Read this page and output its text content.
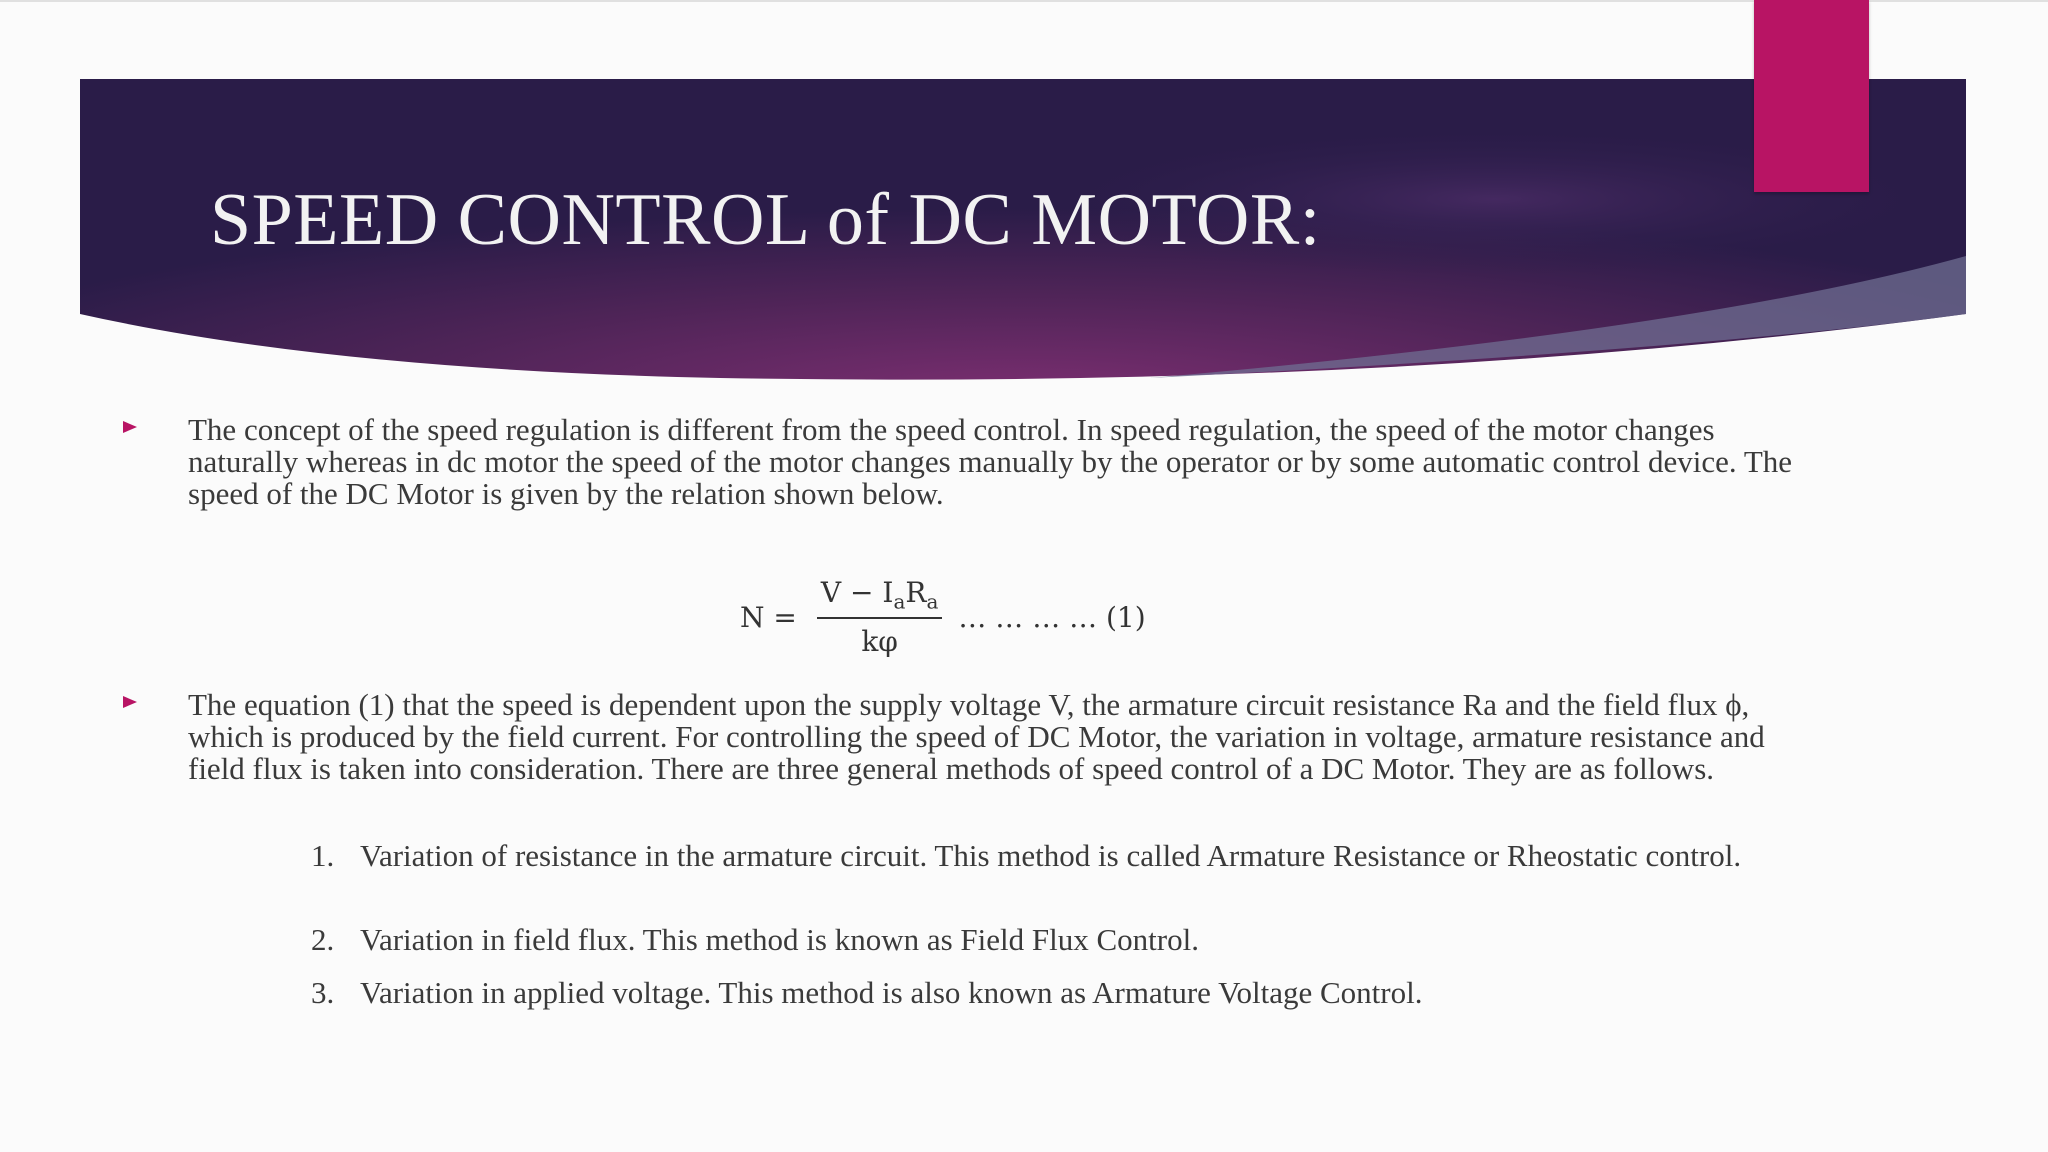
SPEED CONTROL of DC MOTOR:
The concept of the speed regulation is different from the speed control. In speed regulation, the speed of the motor changes naturally whereas in dc motor the speed of the motor changes manually by the operator or by some automatic control device. The speed of the DC Motor is given by the relation shown below.
$N = \frac{V - I_aR_a}{k\varphi}$ … … … … (1)
The equation (1) that the speed is dependent upon the supply voltage V, the armature circuit resistance Ra and the field flux ϕ, which is produced by the field current. For controlling the speed of DC Motor, the variation in voltage, armature resistance and field flux is taken into consideration. There are three general methods of speed control of a DC Motor. They are as follows.
1. Variation of resistance in the armature circuit. This method is called Armature Resistance or Rheostatic control.
2. Variation in field flux. This method is known as Field Flux Control.
3. Variation in applied voltage. This method is also known as Armature Voltage Control.
